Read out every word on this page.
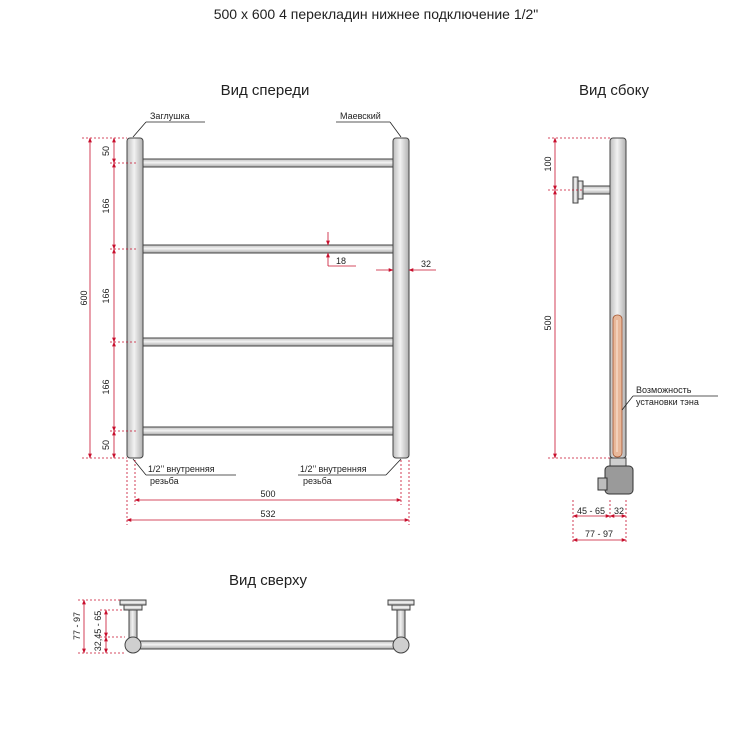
500 x 600 4 перекладин нижнее подключение 1/2"
Вид спереди
Заглушка	Маевский
1/2’’ внутренняя
резьба
1/2’’ внутренняя
резьба
600
50
166
166
166
50
18	32
500
532
Вид сбоку
100
500
Возможность
установки тэна
45 - 65 32
77 - 97
Вид сверху
77 - 97 32,45 - 65
